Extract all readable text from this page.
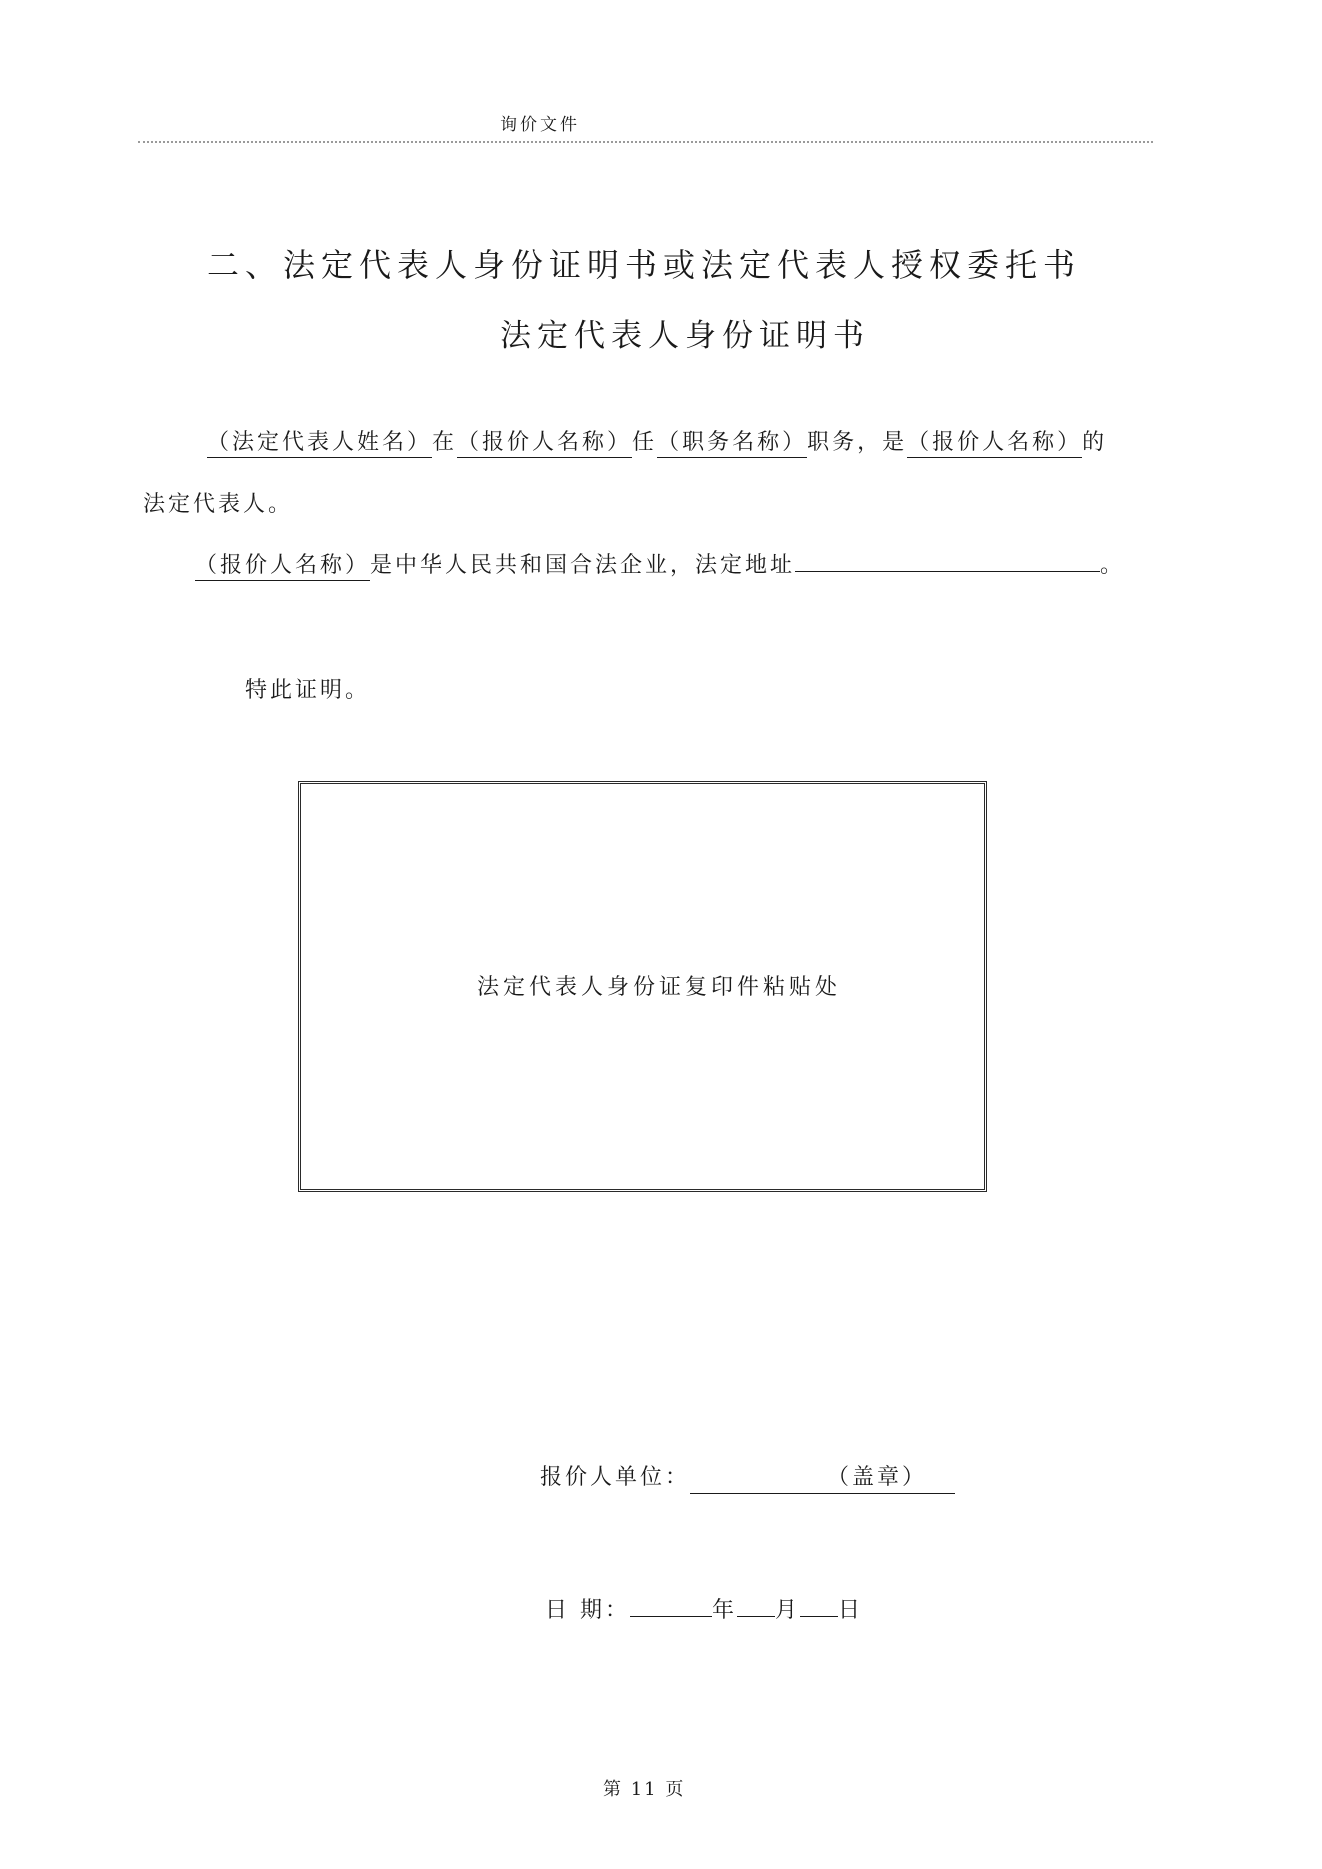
询价文件
二、法定代表人身份证明书或法定代表人授权委托书
法定代表人身份证明书
（法定代表人姓名）在（报价人名称）任（职务名称）职务，是（报价人名称）的
法定代表人。
（报价人名称）是中华人民共和国合法企业，法定地址	。
特此证明。
法定代表人身份证复印件粘贴处
报价人单位：	（盖章）
日 期：	年 月 日
第 11 页
